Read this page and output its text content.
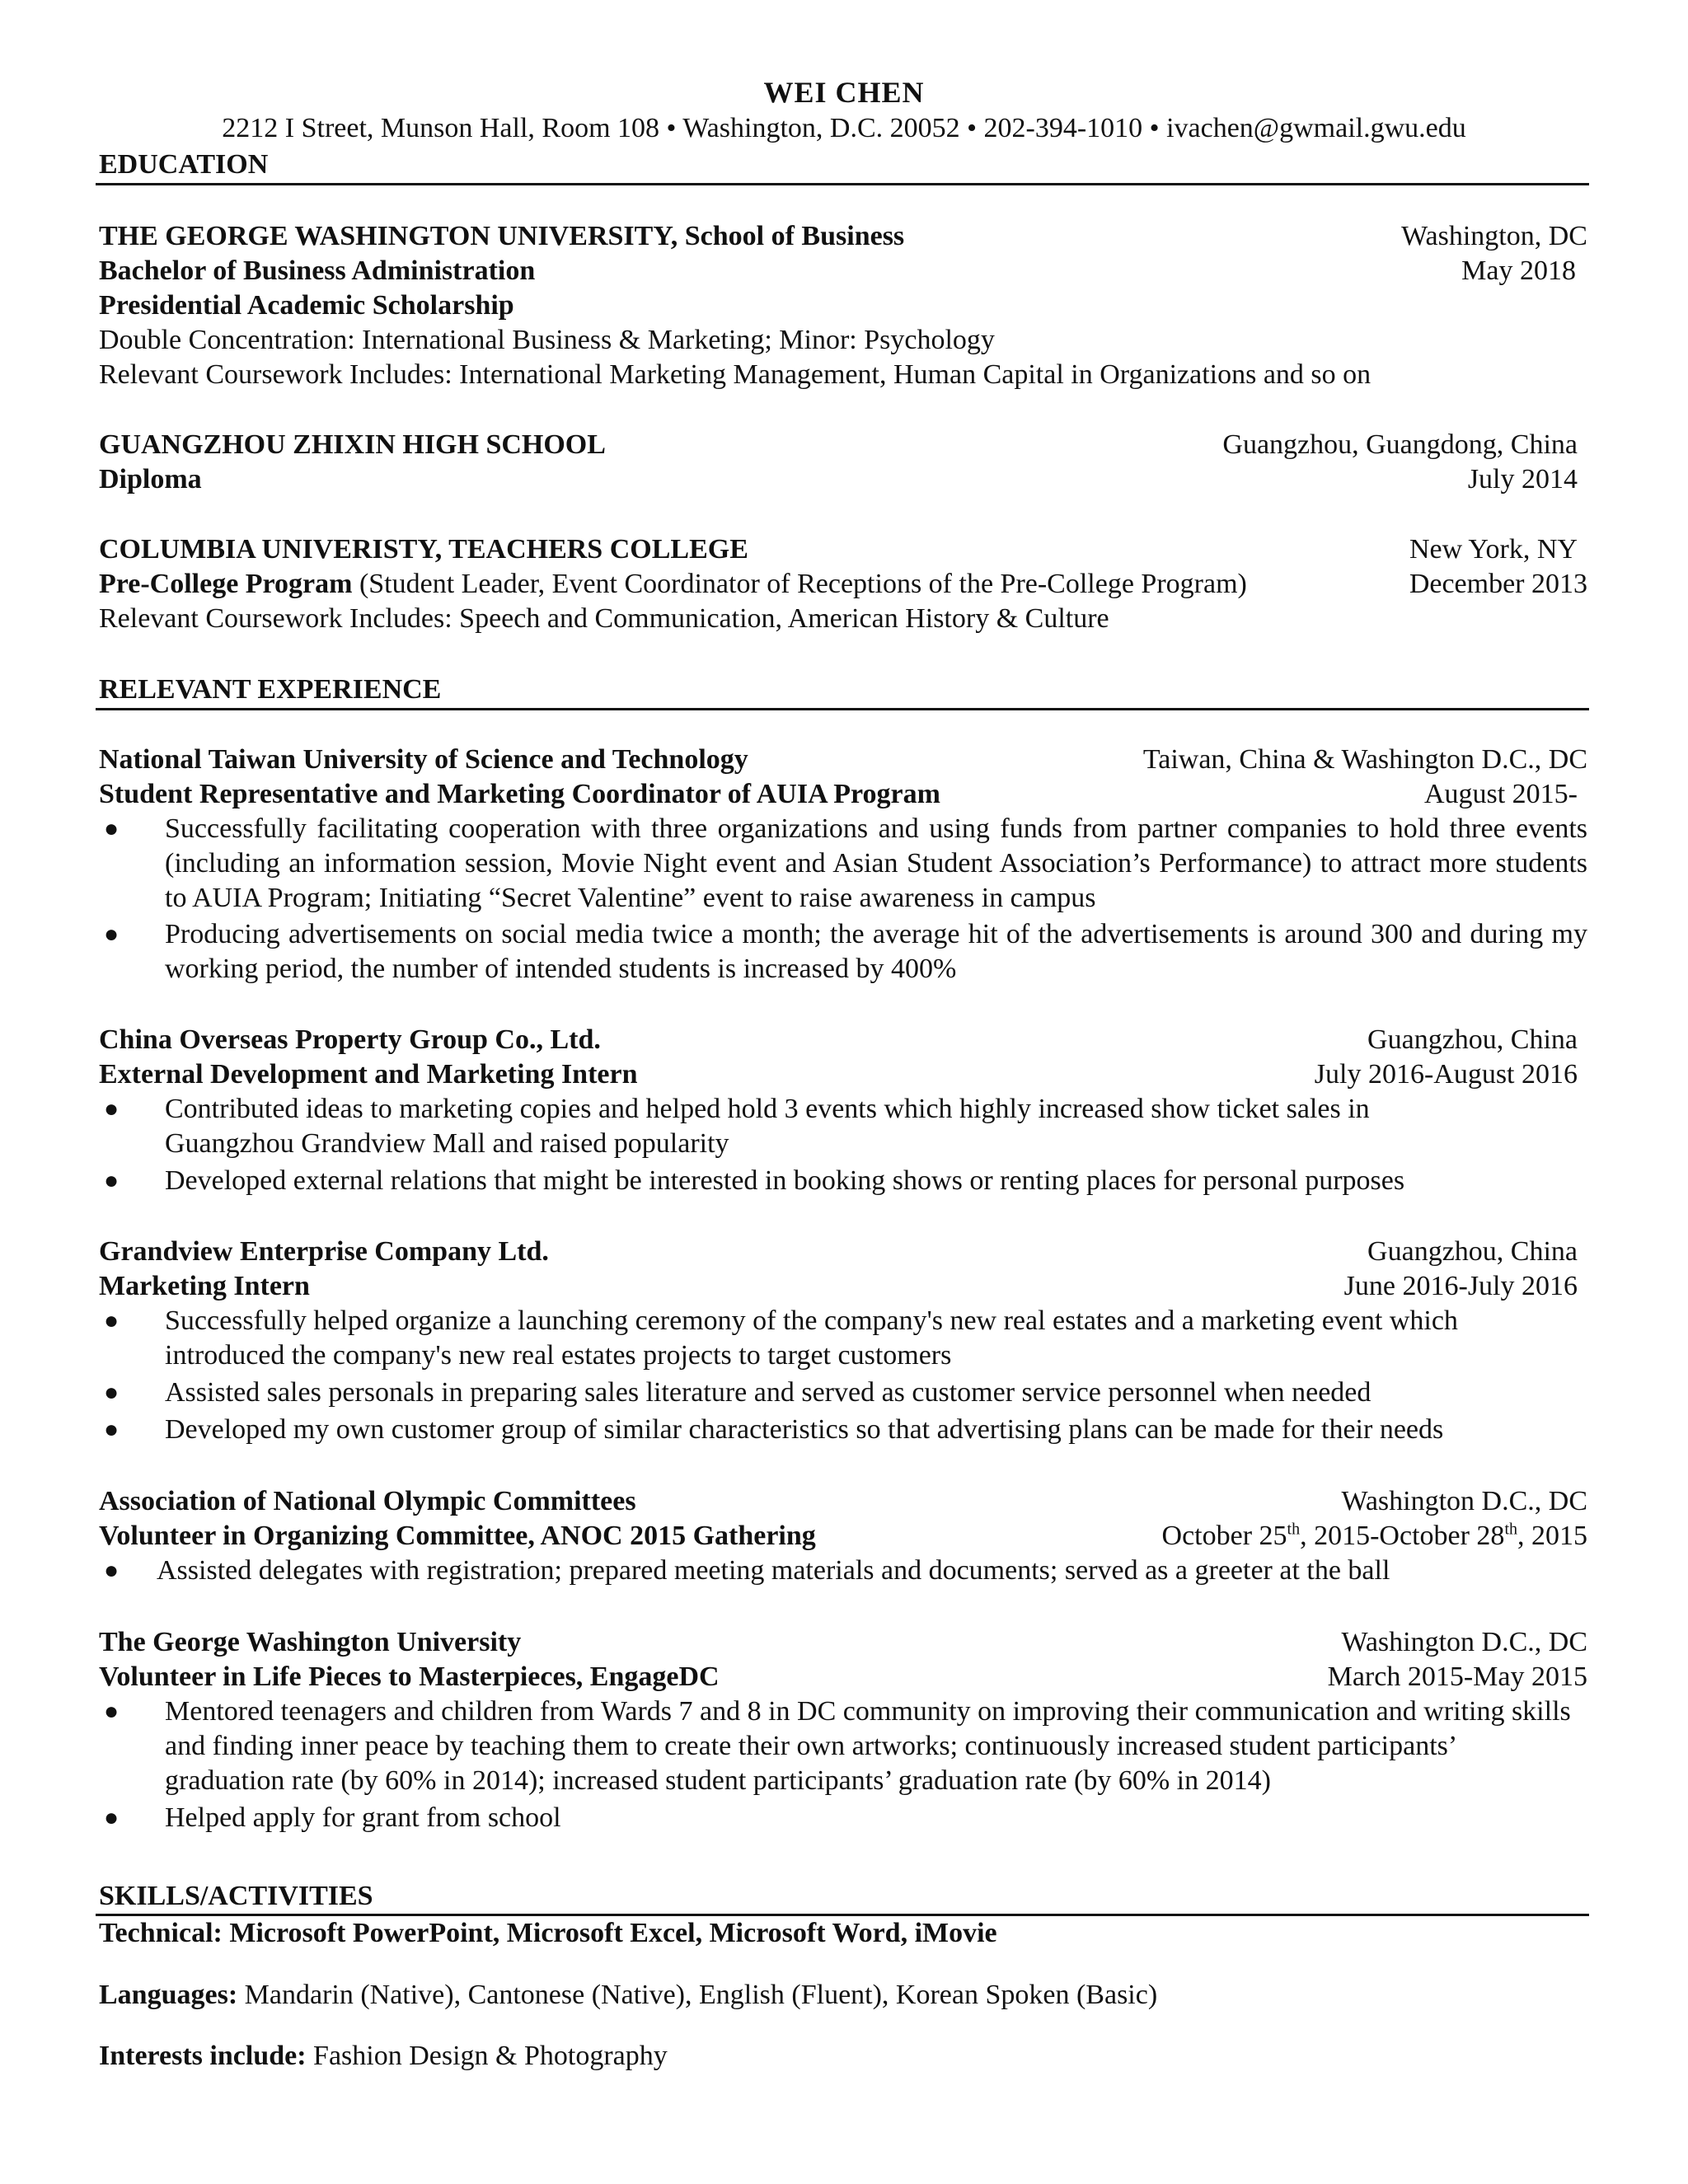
WEI CHEN
2212 I Street, Munson Hall, Room 108 • Washington, D.C. 20052 • 202-394-1010 • ivachen@gwmail.gwu.edu
EDUCATION
THE GEORGE WASHINGTON UNIVERSITY, School of Business	Washington, DC
Bachelor of Business Administration	May 2018
Presidential Academic Scholarship
Double Concentration: International Business & Marketing; Minor: Psychology
Relevant Coursework Includes: International Marketing Management, Human Capital in Organizations and so on
GUANGZHOU ZHIXIN HIGH SCHOOL	Guangzhou, Guangdong, China
Diploma	July 2014
COLUMBIA UNIVERISTY, TEACHERS COLLEGE	New York, NY
Pre-College Program (Student Leader, Event Coordinator of Receptions of the Pre-College Program)	December 2013
Relevant Coursework Includes: Speech and Communication, American History & Culture
RELEVANT EXPERIENCE
National Taiwan University of Science and Technology	Taiwan, China & Washington D.C., DC
Student Representative and Marketing Coordinator of AUIA Program	August 2015-
● Successfully facilitating cooperation with three organizations and using funds from partner companies to hold three events (including an information session, Movie Night event and Asian Student Association’s Performance) to attract more students to AUIA Program; Initiating “Secret Valentine” event to raise awareness in campus
● Producing advertisements on social media twice a month; the average hit of the advertisements is around 300 and during my working period, the number of intended students is increased by 400%
China Overseas Property Group Co., Ltd.	Guangzhou, China
External Development and Marketing Intern	July 2016-August 2016
● Contributed ideas to marketing copies and helped hold 3 events which highly increased show ticket sales in Guangzhou Grandview Mall and raised popularity
● Developed external relations that might be interested in booking shows or renting places for personal purposes
Grandview Enterprise Company Ltd.	Guangzhou, China
Marketing Intern	June 2016-July 2016
● Successfully helped organize a launching ceremony of the company's new real estates and a marketing event which introduced the company's new real estates projects to target customers
● Assisted sales personals in preparing sales literature and served as customer service personnel when needed
● Developed my own customer group of similar characteristics so that advertising plans can be made for their needs
Association of National Olympic Committees	Washington D.C., DC
Volunteer in Organizing Committee, ANOC 2015 Gathering	October 25th, 2015-October 28th, 2015
● Assisted delegates with registration; prepared meeting materials and documents; served as a greeter at the ball
The George Washington University	Washington D.C., DC
Volunteer in Life Pieces to Masterpieces, EngageDC	March 2015-May 2015
● Mentored teenagers and children from Wards 7 and 8 in DC community on improving their communication and writing skills and finding inner peace by teaching them to create their own artworks; continuously increased student participants’ graduation rate (by 60% in 2014); increased student participants’ graduation rate (by 60% in 2014)
● Helped apply for grant from school
SKILLS/ACTIVITIES
Technical: Microsoft PowerPoint, Microsoft Excel, Microsoft Word, iMovie
Languages: Mandarin (Native), Cantonese (Native), English (Fluent), Korean Spoken (Basic)
Interests include: Fashion Design & Photography
